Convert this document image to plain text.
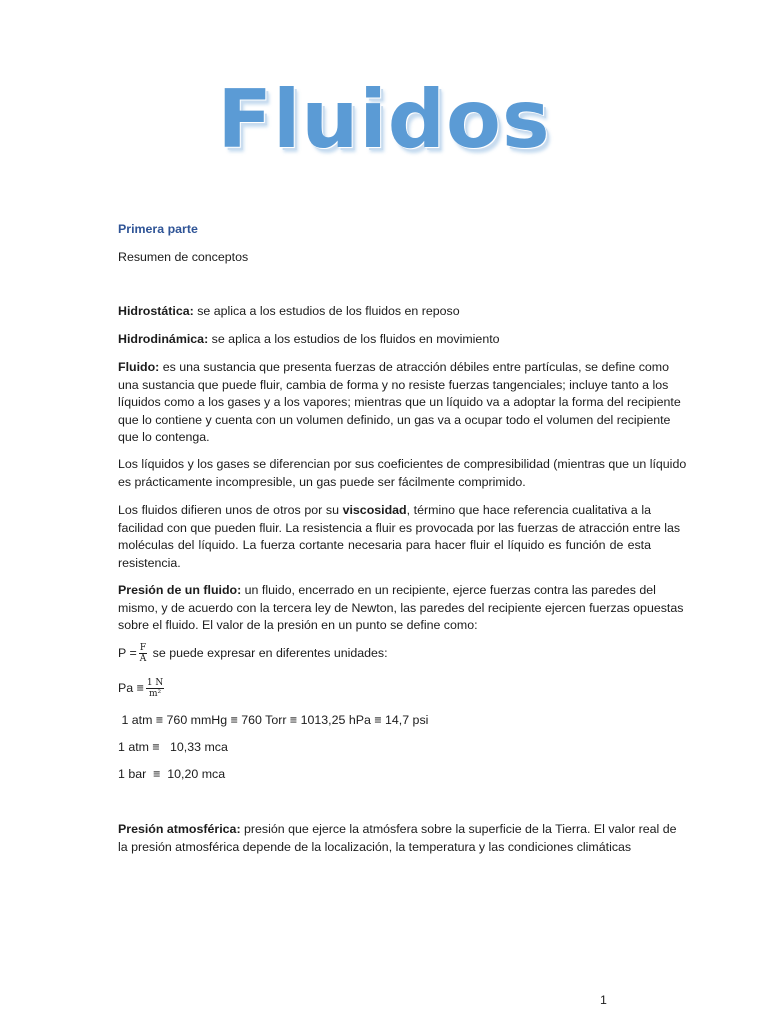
Fluidos
Primera parte
Resumen de conceptos
Hidrostática: se aplica a los estudios de los fluidos en reposo
Hidrodinámica: se aplica a los estudios de los fluidos en movimiento
Fluido: es una sustancia que presenta fuerzas de atracción débiles entre partículas, se define como
una sustancia que puede fluir, cambia de forma y no resiste fuerzas tangenciales; incluye tanto a los
líquidos como a los gases y a los vapores; mientras que un líquido va a adoptar la forma del recipiente
que lo contiene y cuenta con un volumen definido, un gas va a ocupar todo el volumen del recipiente
que lo contenga.
Los líquidos y los gases se diferencian por sus coeficientes de compresibilidad (mientras que un líquido
es prácticamente incompresible, un gas puede ser fácilmente comprimido.
Los fluidos difieren unos de otros por su viscosidad, término que hace referencia cualitativa a la
facilidad con que pueden fluir. La resistencia a fluir es provocada por las fuerzas de atracción entre las
moléculas del líquido. La fuerza cortante necesaria para hacer fluir el líquido es función de esta
resistencia.
Presión de un fluido: un fluido, encerrado en un recipiente, ejerce fuerzas contra las paredes del
mismo, y de acuerdo con la tercera ley de Newton, las paredes del recipiente ejercen fuerzas opuestas
sobre el fluido. El valor de la presión en un punto se define como:
$P = \frac{F}{A}$ se puede expresar en diferentes unidades:
$Pa \equiv \frac{1 N}{\text{m²}}$
1 atm ≡ 760 mmHg ≡ 760 Torr ≡ 1013,25 hPa ≡ 14,7 psi
1 atm ≡   10,33 mca
1 bar  ≡  10,20 mca
Presión atmosférica: presión que ejerce la atmósfera sobre la superficie de la Tierra. El valor real de
la presión atmosférica depende de la localización, la temperatura y las condiciones climáticas
1
